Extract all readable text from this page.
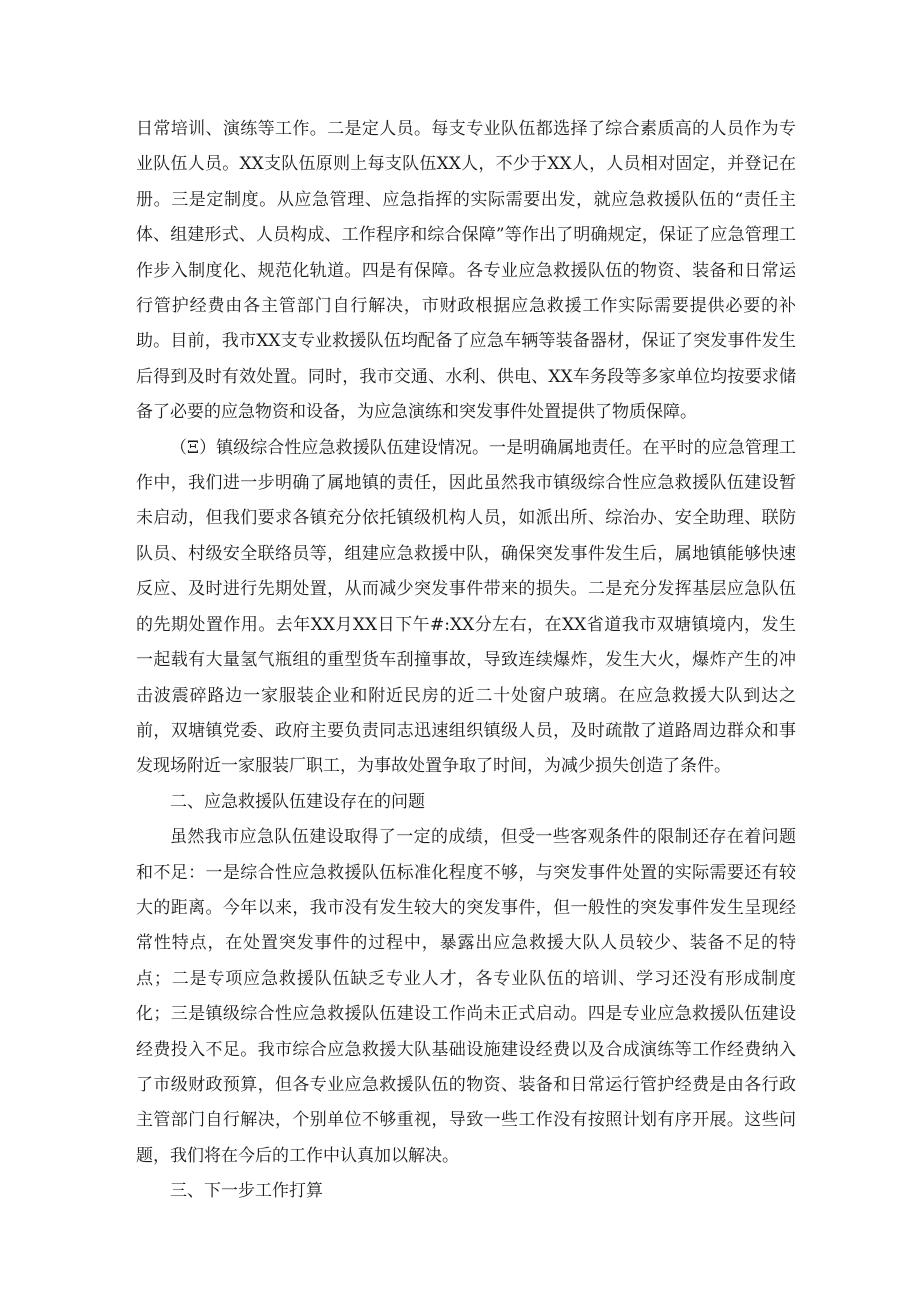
日常培训、演练等工作。二是定人员。每支专业队伍都选择了综合素质高的人员作为专业队伍人员。XX支队伍原则上每支队伍XX人，不少于XX人，人员相对固定，并登记在册。三是定制度。从应急管理、应急指挥的实际需要出发，就应急救援队伍的“责任主体、组建形式、人员构成、工作程序和综合保障”等作出了明确规定，保证了应急管理工作步入制度化、规范化轨道。四是有保障。各专业应急救援队伍的物资、装备和日常运行管护经费由各主管部门自行解决，市财政根据应急救援工作实际需要提供必要的补助。目前，我市XX支专业救援队伍均配备了应急车辆等装备器材，保证了突发事件发生后得到及时有效处置。同时，我市交通、水利、供电、XX车务段等多家单位均按要求储备了必要的应急物资和设备，为应急演练和突发事件处置提供了物质保障。

（Ξ）镇级综合性应急救援队伍建设情况。一是明确属地责任。在平时的应急管理工作中，我们进一步明确了属地镇的责任，因此虽然我市镇级综合性应急救援队伍建设暂未启动，但我们要求各镇充分依托镇级机构人员，如派出所、综治办、安全助理、联防队员、村级安全联络员等，组建应急救援中队，确保突发事件发生后，属地镇能够快速反应、及时进行先期处置，从而减少突发事件带来的损失。二是充分发挥基层应急队伍的先期处置作用。去年XX月XX日下午#:XX分左右，在XX省道我市双塘镇境内，发生一起载有大量氢气瓶组的重型货车刮撞事故，导致连续爆炸，发生大火，爆炸产生的冲击波震碎路边一家服装企业和附近民房的近二十处窗户玻璃。在应急救援大队到达之前，双塘镇党委、政府主要负责同志迅速组织镇级人员，及时疏散了道路周边群众和事发现场附近一家服装厂职工，为事故处置争取了时间，为减少损失创造了条件。

二、应急救援队伍建设存在的问题

虽然我市应急队伍建设取得了一定的成绩，但受一些客观条件的限制还存在着问题和不足：一是综合性应急救援队伍标准化程度不够，与突发事件处置的实际需要还有较大的距离。今年以来，我市没有发生较大的突发事件，但一般性的突发事件发生呈现经常性特点，在处置突发事件的过程中，暴露出应急救援大队人员较少、装备不足的特点；二是专项应急救援队伍缺乏专业人才，各专业队伍的培训、学习还没有形成制度化；三是镇级综合性应急救援队伍建设工作尚未正式启动。四是专业应急救援队伍建设经费投入不足。我市综合应急救援大队基础设施建设经费以及合成演练等工作经费纳入了市级财政预算，但各专业应急救援队伍的物资、装备和日常运行管护经费是由各行政主管部门自行解决，个别单位不够重视，导致一些工作没有按照计划有序开展。这些问题，我们将在今后的工作中认真加以解决。

三、下一步工作打算
